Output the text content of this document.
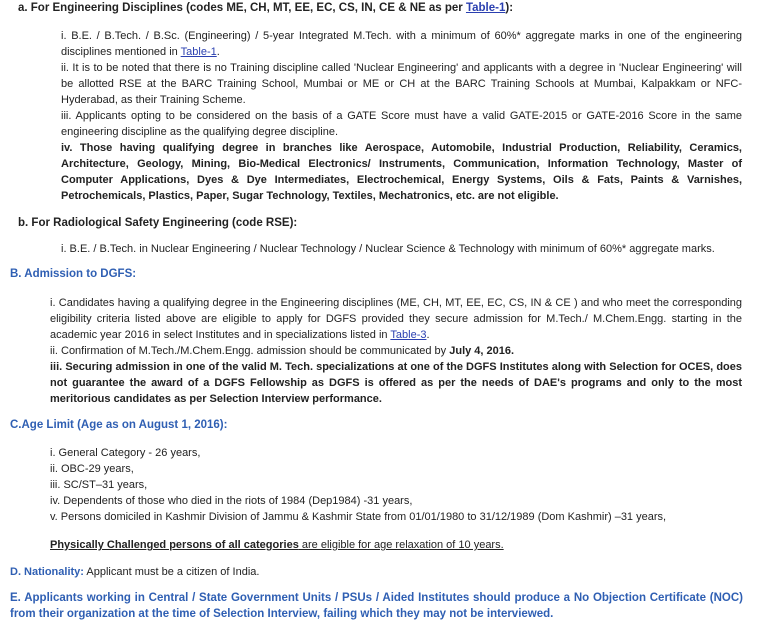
a. For Engineering Disciplines (codes ME, CH, MT, EE, EC, CS, IN, CE & NE as per Table-1):
i. B.E. / B.Tech. / B.Sc. (Engineering) / 5-year Integrated M.Tech. with a minimum of 60%* aggregate marks in one of the engineering disciplines mentioned in Table-1.
ii. It is to be noted that there is no Training discipline called 'Nuclear Engineering' and applicants with a degree in 'Nuclear Engineering' will be allotted RSE at the BARC Training School, Mumbai or ME or CH at the BARC Training Schools at Mumbai, Kalpakkam or NFC-Hyderabad, as their Training Scheme.
iii. Applicants opting to be considered on the basis of a GATE Score must have a valid GATE-2015 or GATE-2016 Score in the same engineering discipline as the qualifying degree discipline.
iv. Those having qualifying degree in branches like Aerospace, Automobile, Industrial Production, Reliability, Ceramics, Architecture, Geology, Mining, Bio-Medical Electronics/ Instruments, Communication, Information Technology, Master of Computer Applications, Dyes & Dye Intermediates, Electrochemical, Energy Systems, Oils & Fats, Paints & Varnishes, Petrochemicals, Plastics, Paper, Sugar Technology, Textiles, Mechatronics, etc. are not eligible.
b. For Radiological Safety Engineering (code RSE):
i. B.E. / B.Tech. in Nuclear Engineering / Nuclear Technology / Nuclear Science & Technology with minimum of 60%* aggregate marks.
B. Admission to DGFS:
i. Candidates having a qualifying degree in the Engineering disciplines (ME, CH, MT, EE, EC, CS, IN & CE ) and who meet the corresponding eligibility criteria listed above are eligible to apply for DGFS provided they secure admission for M.Tech./ M.Chem.Engg. starting in the academic year 2016 in select Institutes and in specializations listed in Table-3.
ii. Confirmation of M.Tech./M.Chem.Engg. admission should be communicated by July 4, 2016.
iii. Securing admission in one of the valid M. Tech. specializations at one of the DGFS Institutes along with Selection for OCES, does not guarantee the award of a DGFS Fellowship as DGFS is offered as per the needs of DAE's programs and only to the most meritorious candidates as per Selection Interview performance.
C.Age Limit (Age as on August 1, 2016):
i. General Category - 26 years,
ii. OBC-29 years,
iii. SC/ST–31 years,
iv. Dependents of those who died in the riots of 1984 (Dep1984) -31 years,
v. Persons domiciled in Kashmir Division of Jammu & Kashmir State from 01/01/1980 to 31/12/1989 (Dom Kashmir) –31 years,
Physically Challenged persons of all categories are eligible for age relaxation of 10 years.
D. Nationality: Applicant must be a citizen of India.
E. Applicants working in Central / State Government Units / PSUs / Aided Institutes should produce a No Objection Certificate (NOC) from their organization at the time of Selection Interview, failing which they may not be interviewed.
